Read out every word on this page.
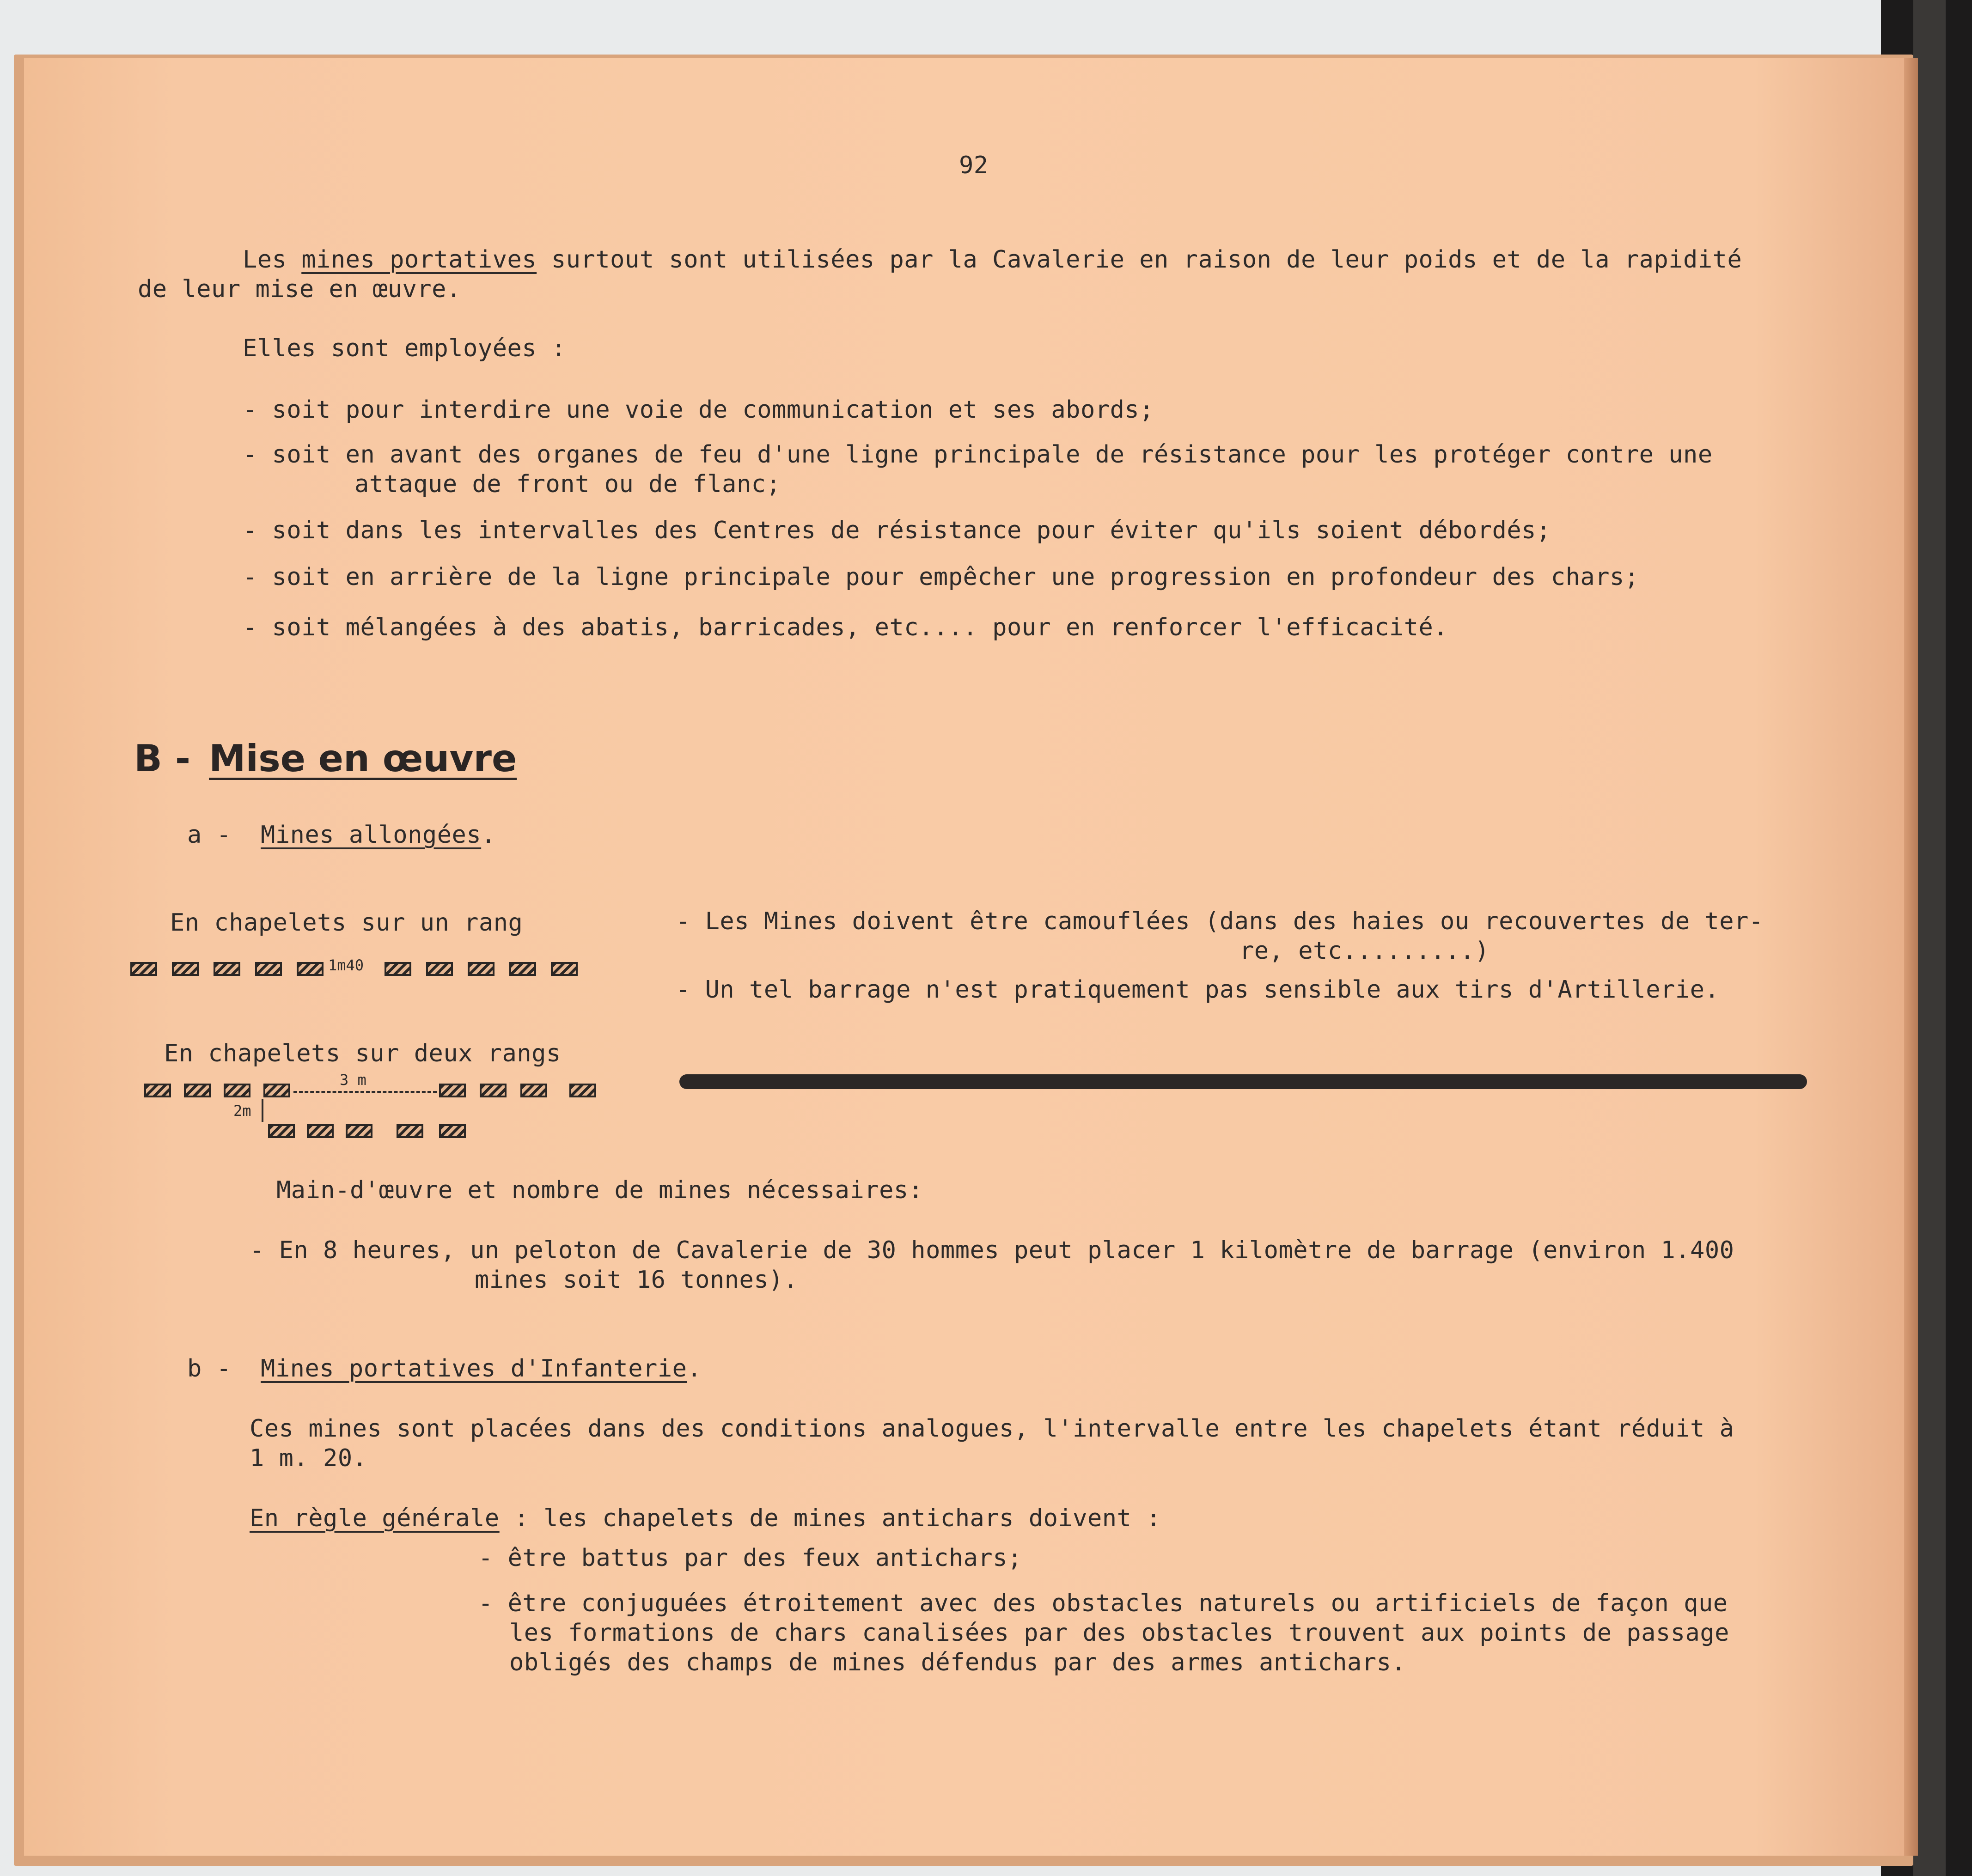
92
Les mines portatives surtout sont utilisées par la Cavalerie en raison de leur poids et de la rapidité
de leur mise en œuvre.
Elles sont employées :
- soit pour interdire une voie de communication et ses abords;
- soit en avant des organes de feu d'une ligne principale de résistance pour les protéger contre une
attaque de front ou de flanc;
- soit dans les intervalles des Centres de résistance pour éviter qu'ils soient débordés;
- soit en arrière de la ligne principale pour empêcher une progression en profondeur des chars;
- soit mélangées à des abatis, barricades, etc.... pour en renforcer l'efficacité.
B - Mise en œuvre
a - Mines allongées.
En chapelets sur un rang
1m40
En chapelets sur deux rangs
3 m
2m
- Les Mines doivent être camouflées (dans des haies ou recouvertes de ter-
re, etc.........)
- Un tel barrage n'est pratiquement pas sensible aux tirs d'Artillerie.
Main-d'œuvre et nombre de mines nécessaires:
- En 8 heures, un peloton de Cavalerie de 30 hommes peut placer 1 kilomètre de barrage (environ 1.400
mines soit 16 tonnes).
b - Mines portatives d'Infanterie.
Ces mines sont placées dans des conditions analogues, l'intervalle entre les chapelets étant réduit à
1 m. 20.
En règle générale : les chapelets de mines antichars doivent :
- être battus par des feux antichars;
- être conjuguées étroitement avec des obstacles naturels ou artificiels de façon que
les formations de chars canalisées par des obstacles trouvent aux points de passage
obligés des champs de mines défendus par des armes antichars.
